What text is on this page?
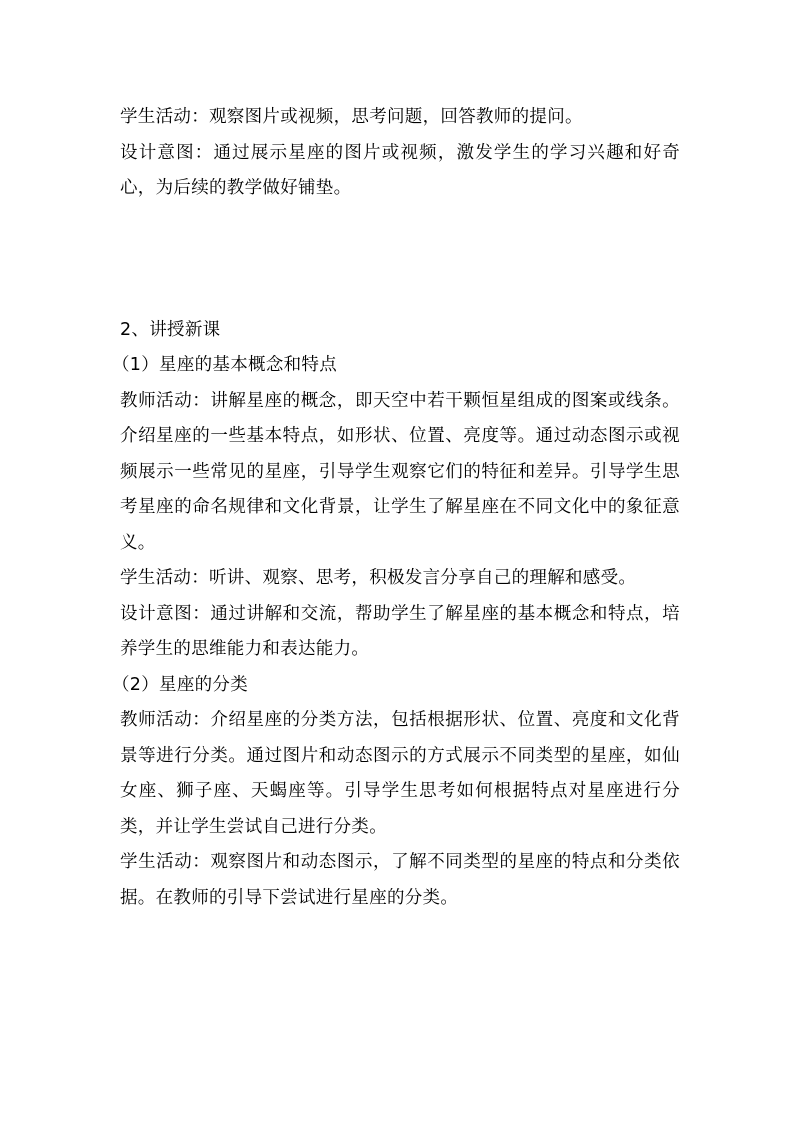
学生活动：观察图片或视频，思考问题，回答教师的提问。

设计意图：通过展示星座的图片或视频，激发学生的学习兴趣和好奇心，为后续的教学做好铺垫。

2、讲授新课

（1）星座的基本概念和特点

教师活动：讲解星座的概念，即天空中若干颗恒星组成的图案或线条。介绍星座的一些基本特点，如形状、位置、亮度等。通过动态图示或视频展示一些常见的星座，引导学生观察它们的特征和差异。引导学生思考星座的命名规律和文化背景，让学生了解星座在不同文化中的象征意义。

学生活动：听讲、观察、思考，积极发言分享自己的理解和感受。

设计意图：通过讲解和交流，帮助学生了解星座的基本概念和特点，培养学生的思维能力和表达能力。

（2）星座的分类

教师活动：介绍星座的分类方法，包括根据形状、位置、亮度和文化背景等进行分类。通过图片和动态图示的方式展示不同类型的星座，如仙女座、狮子座、天蝎座等。引导学生思考如何根据特点对星座进行分类，并让学生尝试自己进行分类。

学生活动：观察图片和动态图示，了解不同类型的星座的特点和分类依据。在教师的引导下尝试进行星座的分类。
